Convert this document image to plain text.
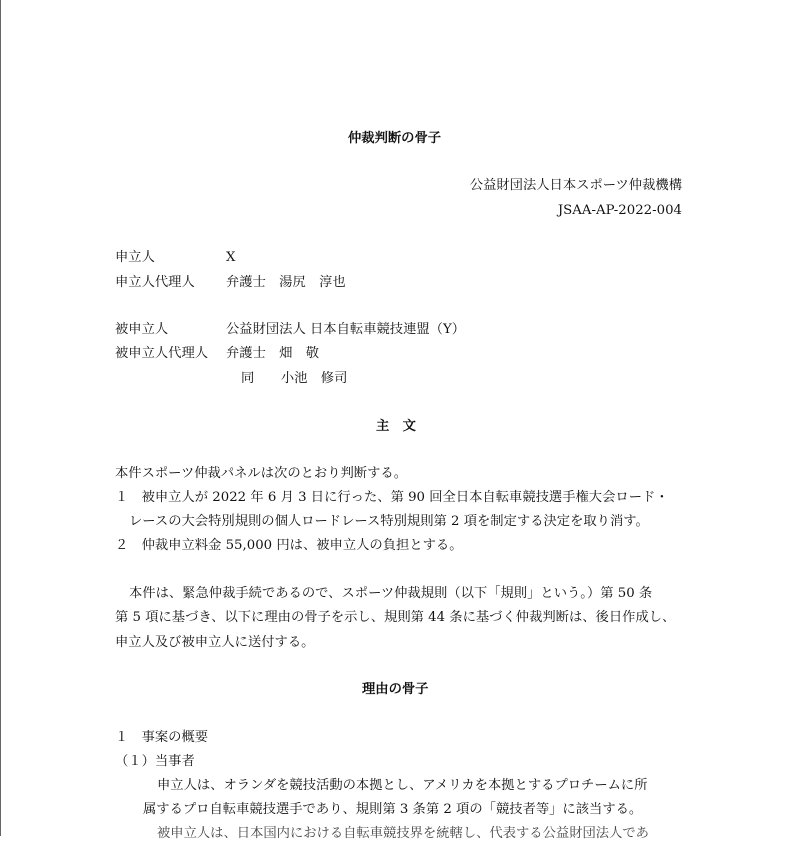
仲裁判断の骨子
公益財団法人日本スポーツ仲裁機構
JSAA-AP-2022-004
申立人	X
申立人代理人 弁護士　湯尻　淳也
被申立人	公益財団法人 日本自転車競技連盟（Y）
被申立人代理人 弁護士　畑　敬
同　　小池　修司
主　文
本件スポーツ仲裁パネルは次のとおり判断する。
１　被申立人が 2022 年 6 月 3 日に行った、第 90 回全日本自転車競技選手権大会ロード・
レースの大会特別規則の個人ロードレース特別規則第 2 項を制定する決定を取り消す。
２　仲裁申立料金 55,000 円は、被申立人の負担とする。
本件は、緊急仲裁手続であるので、スポーツ仲裁規則（以下「規則」という。）第 50 条
第 5 項に基づき、以下に理由の骨子を示し、規則第 44 条に基づく仲裁判断は、後日作成し、
申立人及び被申立人に送付する。
理由の骨子
１　事案の概要
（１）当事者
申立人は、オランダを競技活動の本拠とし、アメリカを本拠とするプロチームに所
属するプロ自転車競技選手であり、規則第 3 条第 2 項の「競技者等」に該当する。
被申立人は、日本国内における自転車競技界を統轄し、代表する公益財団法人であ
